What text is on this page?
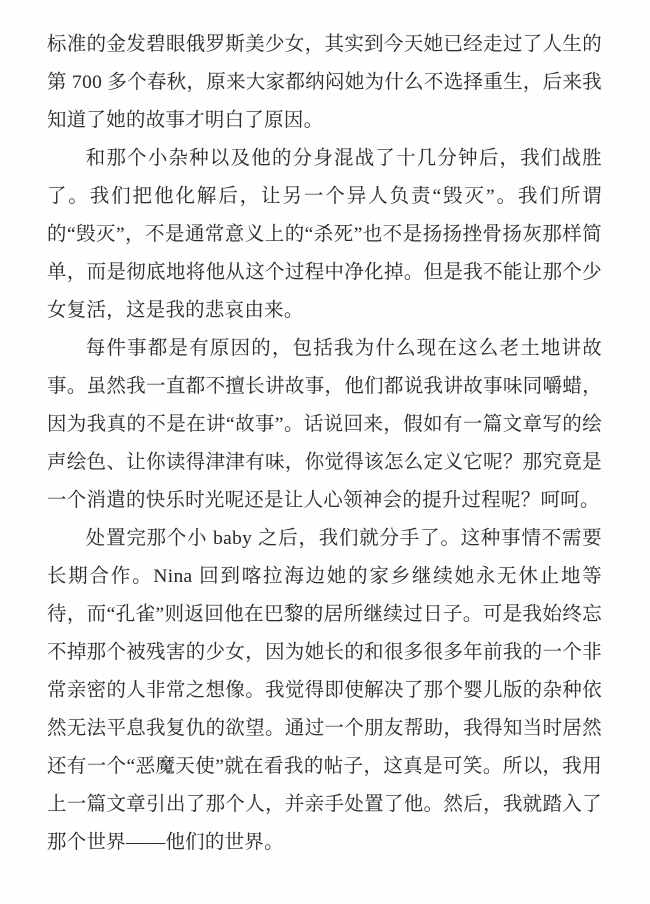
标准的金发碧眼俄罗斯美少女，其实到今天她已经走过了人生的第 700 多个春秋，原来大家都纳闷她为什么不选择重生，后来我知道了她的故事才明白了原因。

和那个小杂种以及他的分身混战了十几分钟后，我们战胜了。我们把他化解后，让另一个异人负责“毁灭”。我们所谓的“毁灭”，不是通常意义上的“杀死”也不是扬扬挫骨扬灰那样简单，而是彻底地将他从这个过程中净化掉。但是我不能让那个少女复活，这是我的悲哀由来。

每件事都是有原因的，包括我为什么现在这么老土地讲故事。虽然我一直都不擅长讲故事，他们都说我讲故事味同嚼蜡，因为我真的不是在讲“故事”。话说回来，假如有一篇文章写的绘声绘色、让你读得津津有味，你觉得该怎么定义它呢？那究竟是一个消遣的快乐时光呢还是让人心领神会的提升过程呢？呵呵。

处置完那个小 baby 之后，我们就分手了。这种事情不需要长期合作。Nina 回到喀拉海边她的家乡继续她永无休止地等待，而“孔雀”则返回他在巴黎的居所继续过日子。可是我始终忘不掉那个被残害的少女，因为她长的和很多很多年前我的一个非常亲密的人非常之想像。我觉得即使解决了那个婴儿版的杂种依然无法平息我复仇的欲望。通过一个朋友帮助，我得知当时居然还有一个“恶魔天使”就在看我的帖子，这真是可笑。所以，我用上一篇文章引出了那个人，并亲手处置了他。然后，我就踏入了那个世界——他们的世界。
